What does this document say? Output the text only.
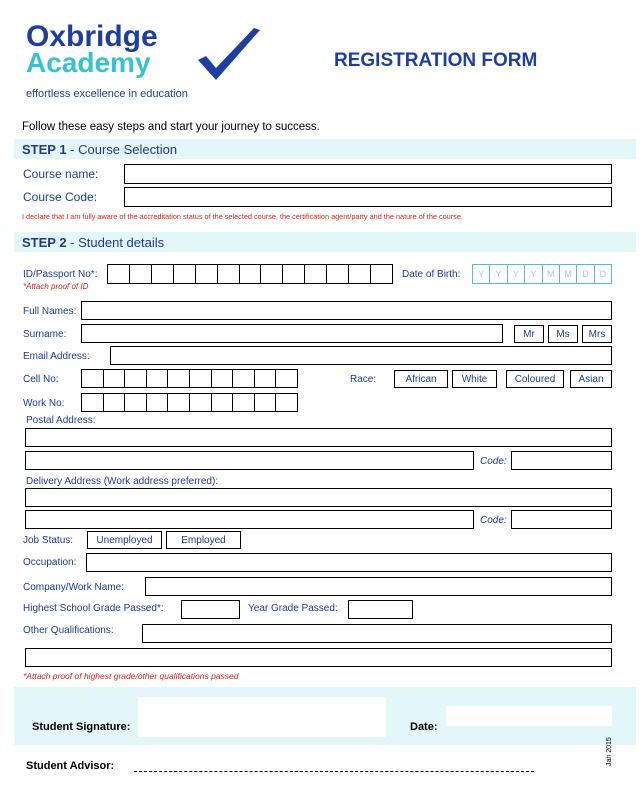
Oxbridge
Academy
effortless excellence in education
REGISTRATION FORM
Follow these easy steps and start your journey to success.
STEP 1 - Course Selection
Course name:
Course Code:
I declare that I am fully aware of the accreditation status of the selected course, the certification agent/party and the nature of the course.
STEP 2 - Student details
ID/Passport No*:
*Attach proof of ID
Date of Birth:	Y	Y	Y	Y	M	M	D	D
Full Names:
Surname:	Mr	Ms	Mrs
Email Address:
Cell No:	Race:	African	White	Coloured	Asian
Work No:
Postal Address:
Code:
Delivery Address (Work address preferred):
Code:
Job Status:	Unemployed	Employed
Occupation:
Company/Work Name:
Highest School Grade Passed*:	Year Grade Passed:
Other Qualifications:
*Attach proof of highest grade/other qualifications passed
Student Signature:	Date:
Student Advisor:	Jan 2015
